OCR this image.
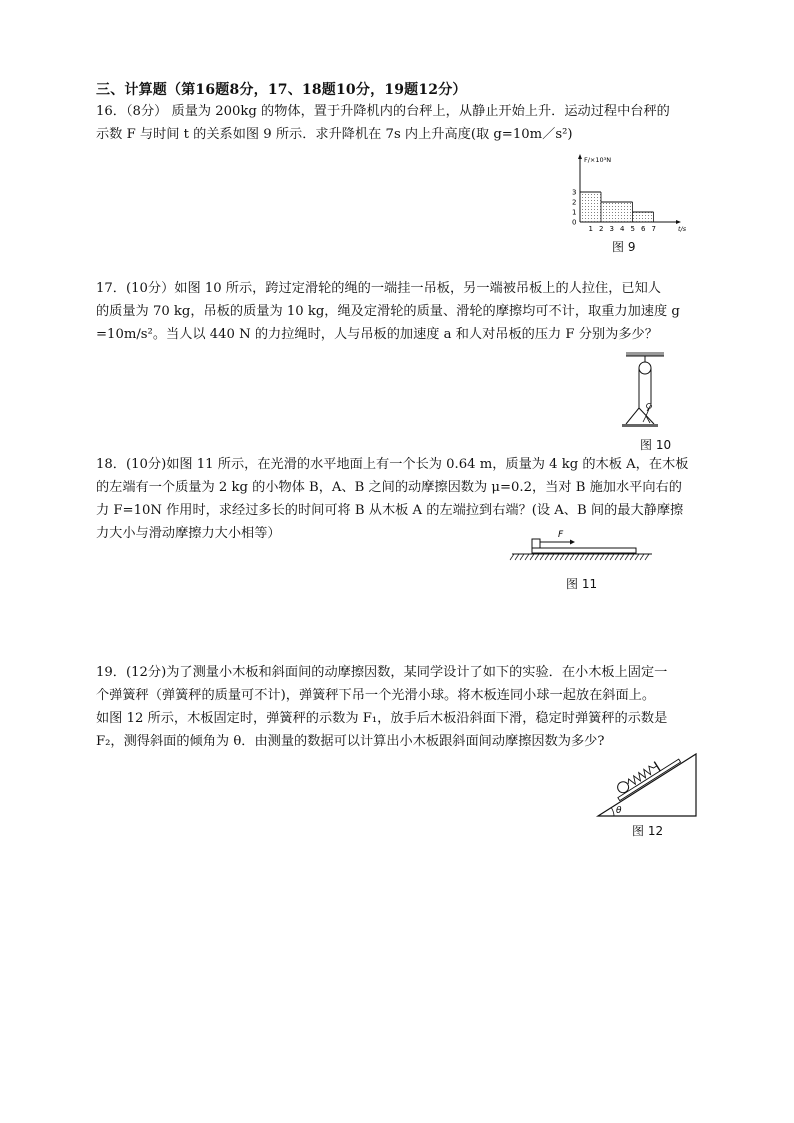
三、计算题（第16题8分，17、18题10分，19题12分）

16．（8分） 质量为 200kg 的物体，置于升降机内的台秤上，从静止开始上升．运动过程中台秤的

示数 F 与时间 t 的关系如图 9 所示．求升降机在 7s 内上升高度(取 g=10m／s²)

F/×10³N
t/s
3
2
1
0
1 2 3 4 5 6 7
图 9

17．(10分）如图 10 所示，跨过定滑轮的绳的一端挂一吊板，另一端被吊板上的人拉住，已知人

的质量为 70 kg，吊板的质量为 10 kg，绳及定滑轮的质量、滑轮的摩擦均可不计，取重力加速度 g

=10m/s²。当人以 440 N 的力拉绳时，人与吊板的加速度 a 和人对吊板的压力 F 分别为多少？

图 10

18．(10分)如图 11 所示，在光滑的水平地面上有一个长为 0.64 m，质量为 4 kg 的木板 A，在木板

的左端有一个质量为 2 kg 的小物体 B，A、B 之间的动摩擦因数为 μ=0.2，当对 B 施加水平向右的

力 F=10N 作用时，求经过多长的时间可将 B 从木板 A 的左端拉到右端？(设 A、B 间的最大静摩擦

力大小与滑动摩擦力大小相等）	F
图 11

19．(12分)为了测量小木板和斜面间的动摩擦因数，某同学设计了如下的实验．在小木板上固定一

个弹簧秤（弹簧秤的质量可不计)，弹簧秤下吊一个光滑小球。将木板连同小球一起放在斜面上。

如图 12 所示，木板固定时，弹簧秤的示数为 F₁，放手后木板沿斜面下滑，稳定时弹簧秤的示数是

F₂，测得斜面的倾角为 θ．由测量的数据可以计算出小木板跟斜面间动摩擦因数为多少?

θ
图 12
